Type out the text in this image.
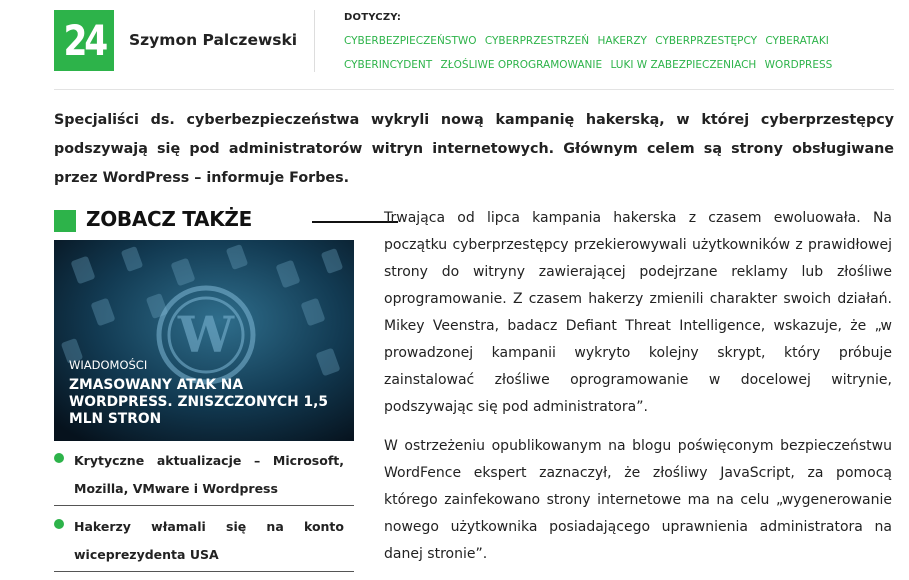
24 Szymon Palczewski
DOTYCZY:
CYBERBEZPIECZEŃSTWO CYBERPRZESTRZEŃ HAKERZY CYBERPRZESTĘPCY CYBERATAKI CYBERINCYDENT ZŁOŚLIWE OPROGRAMOWANIE LUKI W ZABEZPIECZENIACH WORDPRESS
Specjaliści ds. cyberbezpieczeństwa wykryli nową kampanię hakerską, w której cyberprzestępcy podszywają się pod administratorów witryn internetowych. Głównym celem są strony obsługiwane przez WordPress – informuje Forbes.
ZOBACZ TAKŻE
W
WIADOMOŚCI
ZMASOWANY ATAK NA WORDPRESS. ZNISZCZONYCH 1,5 MLN STRON
Krytyczne aktualizacje – Microsoft, Mozilla, VMware i Wordpress
Hakerzy włamali się na konto wiceprezydenta USA

Trwająca od lipca kampania hakerska z czasem ewoluowała. Na początku cyberprzestępcy przekierowywali użytkowników z prawidłowej strony do witryny zawierającej podejrzane reklamy lub złośliwe oprogramowanie. Z czasem hakerzy zmienili charakter swoich działań. Mikey Veenstra, badacz Defiant Threat Intelligence, wskazuje, że „w prowadzonej kampanii wykryto kolejny skrypt, który próbuje zainstalować złośliwe oprogramowanie w docelowej witrynie, podszywając się pod administratora”.

W ostrzeżeniu opublikowanym na blogu poświęconym bezpieczeństwu WordFence ekspert zaznaczył, że złośliwy JavaScript, za pomocą którego zainfekowano strony internetowe ma na celu „wygenerowanie nowego użytkownika posiadającego uprawnienia administratora na danej stronie”.
